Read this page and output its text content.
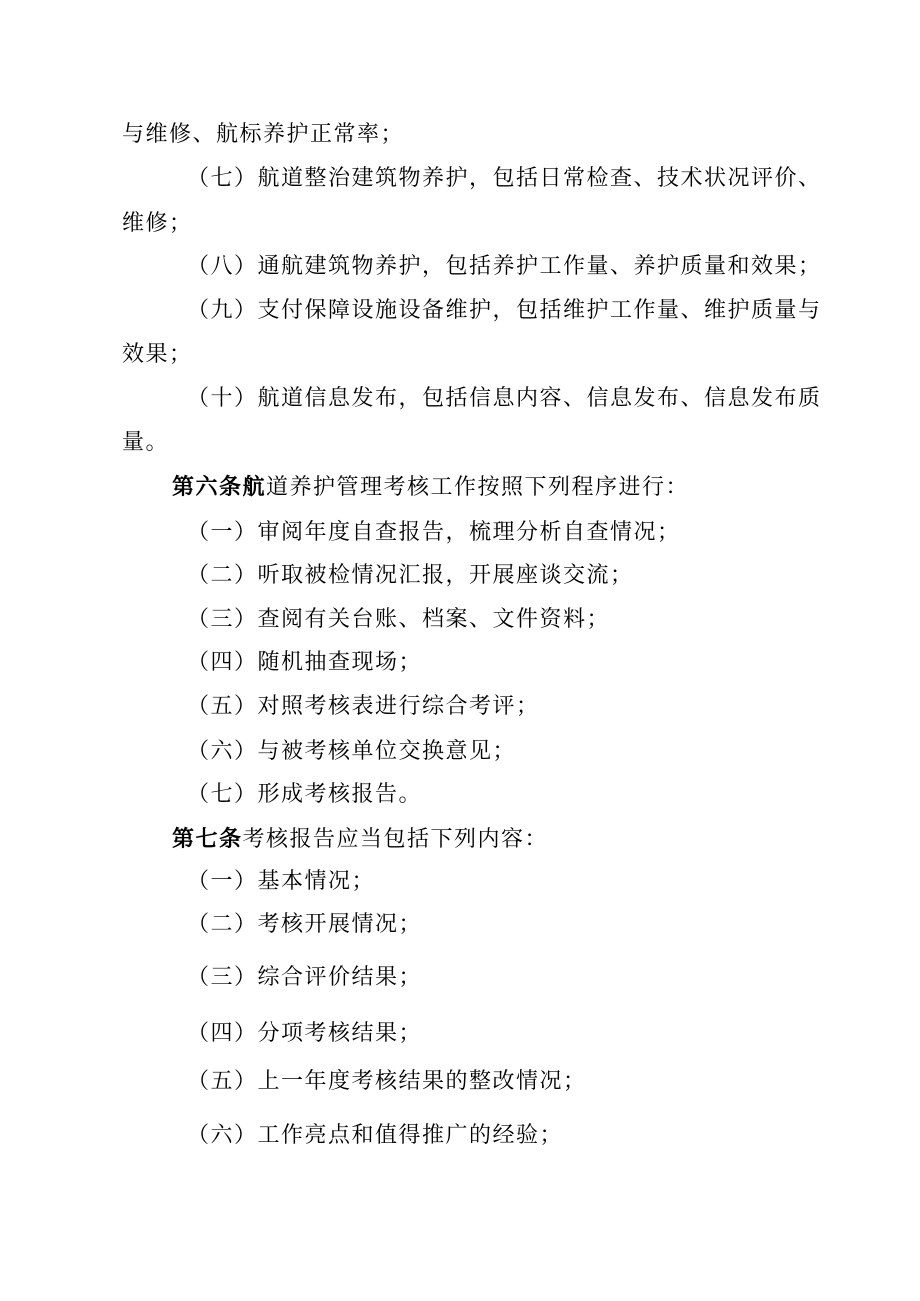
与维修、航标养护正常率；

（七）航道整治建筑物养护，包括日常检查、技术状况评价、

维修；

（八）通航建筑物养护，包括养护工作量、养护质量和效果；

（九）支付保障设施设备维护，包括维护工作量、维护质量与

效果；

（十）航道信息发布，包括信息内容、信息发布、信息发布质

量。

第六条航道养护管理考核工作按照下列程序进行：

（一）审阅年度自查报告，梳理分析自查情况；

（二）听取被检情况汇报，开展座谈交流；

（三）查阅有关台账、档案、文件资料；

（四）随机抽查现场；

（五）对照考核表进行综合考评；

（六）与被考核单位交换意见；

（七）形成考核报告。

第七条考核报告应当包括下列内容：

（一）基本情况；

（二）考核开展情况；

（三）综合评价结果；

（四）分项考核结果；

（五）上一年度考核结果的整改情况；

（六）工作亮点和值得推广的经验；
